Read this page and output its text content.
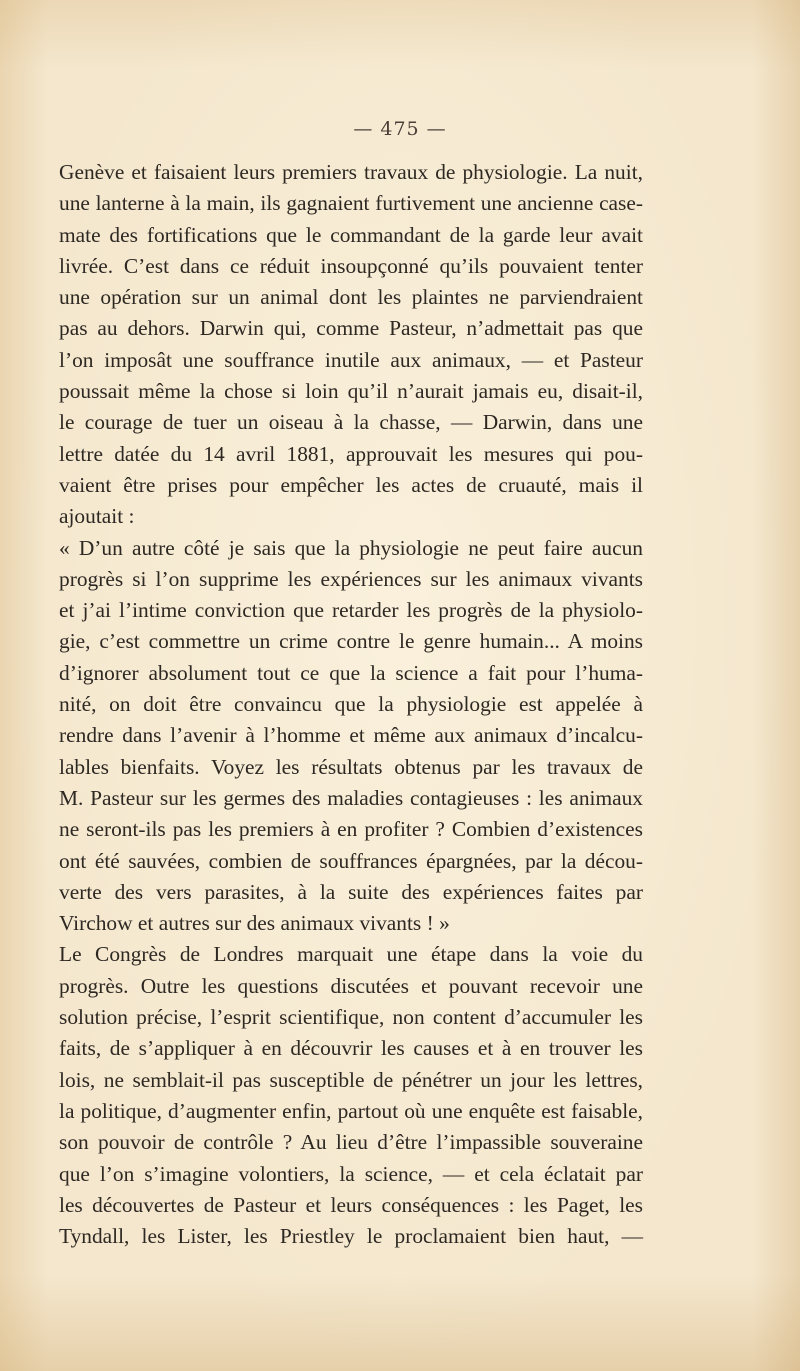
— 475 —
Genève et faisaient leurs premiers travaux de physiologie. La nuit,
une lanterne à la main, ils gagnaient furtivement une ancienne case-
mate des fortifications que le commandant de la garde leur avait
livrée. C’est dans ce réduit insoupçonné qu’ils pouvaient tenter
une opération sur un animal dont les plaintes ne parviendraient
pas au dehors. Darwin qui, comme Pasteur, n’admettait pas que
l’on imposât une souffrance inutile aux animaux, — et Pasteur
poussait même la chose si loin qu’il n’aurait jamais eu, disait-il,
le courage de tuer un oiseau à la chasse, — Darwin, dans une
lettre datée du 14 avril 1881, approuvait les mesures qui pou-
vaient être prises pour empêcher les actes de cruauté, mais il
ajoutait :
« D’un autre côté je sais que la physiologie ne peut faire aucun
progrès si l’on supprime les expériences sur les animaux vivants
et j’ai l’intime conviction que retarder les progrès de la physiolo-
gie, c’est commettre un crime contre le genre humain... A moins
d’ignorer absolument tout ce que la science a fait pour l’huma-
nité, on doit être convaincu que la physiologie est appelée à
rendre dans l’avenir à l’homme et même aux animaux d’incalcu-
lables bienfaits. Voyez les résultats obtenus par les travaux de
M. Pasteur sur les germes des maladies contagieuses : les animaux
ne seront-ils pas les premiers à en profiter ? Combien d’existences
ont été sauvées, combien de souffrances épargnées, par la décou-
verte des vers parasites, à la suite des expériences faites par
Virchow et autres sur des animaux vivants ! »
Le Congrès de Londres marquait une étape dans la voie du
progrès. Outre les questions discutées et pouvant recevoir une
solution précise, l’esprit scientifique, non content d’accumuler les
faits, de s’appliquer à en découvrir les causes et à en trouver les
lois, ne semblait-il pas susceptible de pénétrer un jour les lettres,
la politique, d’augmenter enfin, partout où une enquête est faisable,
son pouvoir de contrôle ? Au lieu d’être l’impassible souveraine
que l’on s’imagine volontiers, la science, — et cela éclatait par
les découvertes de Pasteur et leurs conséquences : les Paget, les
Tyndall, les Lister, les Priestley le proclamaient bien haut, —
